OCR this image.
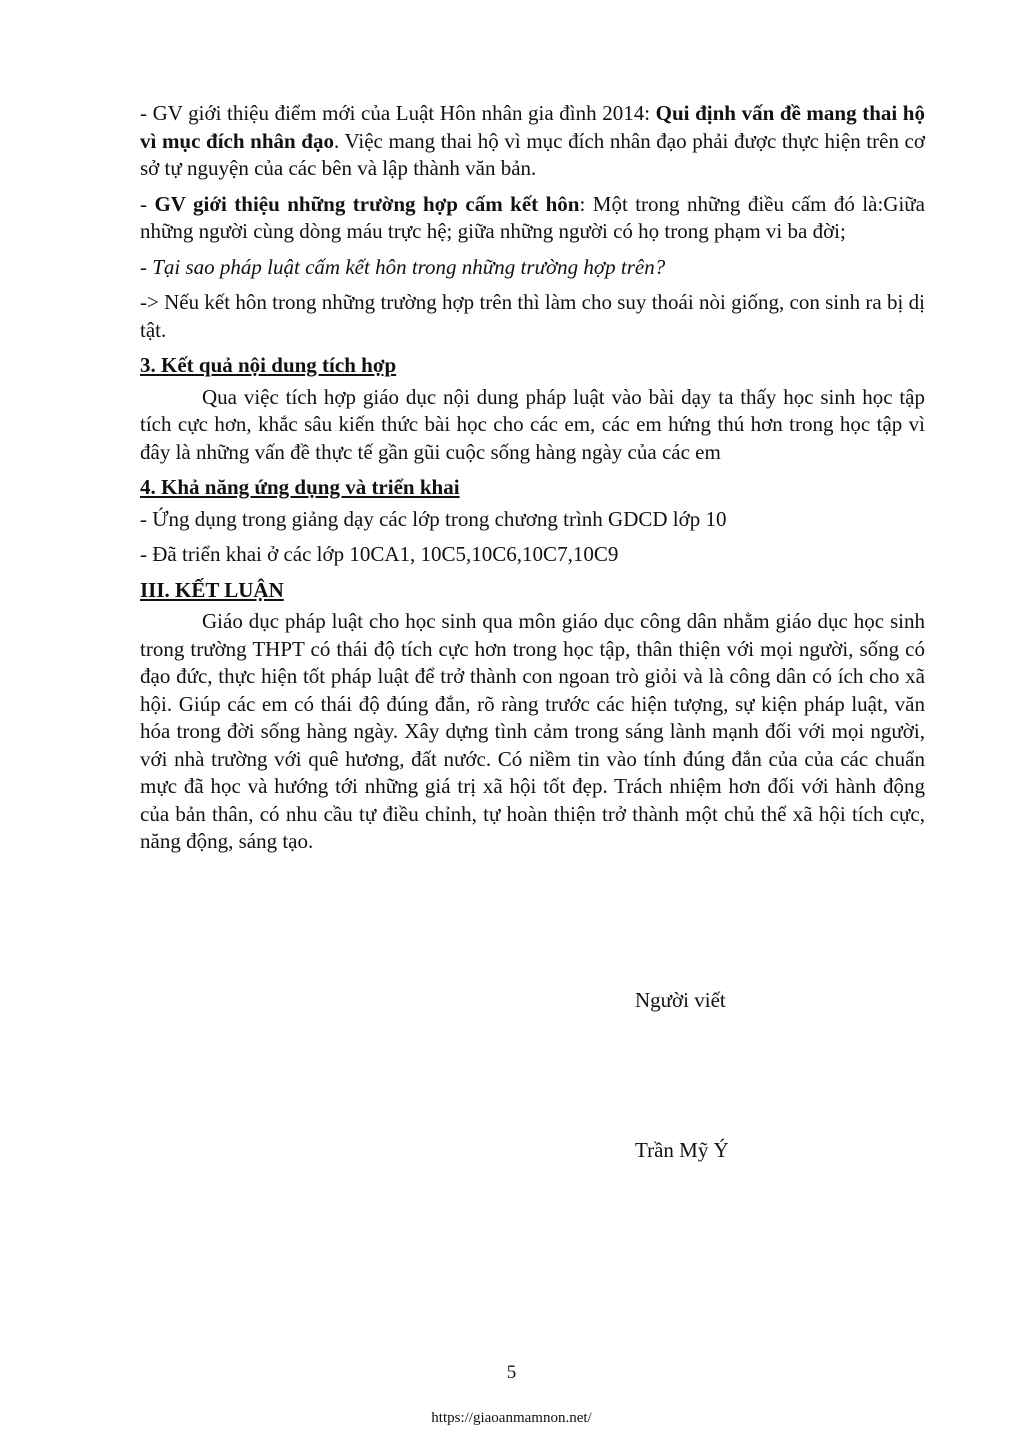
- GV giới thiệu điểm mới của Luật Hôn nhân gia đình 2014: Qui định vấn đề mang thai hộ vì mục đích nhân đạo. Việc mang thai hộ vì mục đích nhân đạo phải được thực hiện trên cơ sở tự nguyện của các bên và lập thành văn bản.

- GV giới thiệu những trường hợp cấm kết hôn: Một trong những điều cấm đó là:Giữa những người cùng dòng máu trực hệ; giữa những người có họ trong phạm vi ba đời;

- Tại sao pháp luật cấm kết hôn trong những trường hợp trên?

-> Nếu kết hôn trong những trường hợp trên thì làm cho suy thoái nòi giống, con sinh ra bị dị tật.

3. Kết quả nội dung tích hợp

Qua việc tích hợp giáo dục nội dung pháp luật vào bài dạy ta thấy học sinh học tập tích cực hơn, khắc sâu kiến thức bài học cho các em, các em hứng thú hơn trong học tập vì đây là những vấn đề thực tế gần gũi cuộc sống hàng ngày của các em

4. Khả năng ứng dụng và triển khai

- Ứng dụng trong giảng dạy các lớp trong chương trình GDCD lớp 10

- Đã triển khai ở các lớp 10CA1, 10C5,10C6,10C7,10C9

III. KẾT LUẬN

Giáo dục pháp luật cho học sinh qua môn giáo dục công dân nhằm giáo dục học sinh trong trường THPT có thái độ tích cực hơn trong học tập, thân thiện với mọi người, sống có đạo đức, thực hiện tốt pháp luật để trở thành con ngoan trò giỏi và là công dân có ích cho xã hội. Giúp các em có thái độ đúng đắn, rõ ràng trước các hiện tượng, sự kiện pháp luật, văn hóa trong đời sống hàng ngày. Xây dựng tình cảm trong sáng lành mạnh đối với mọi người, với nhà trường với quê hương, đất nước. Có niềm tin vào tính đúng đắn của của các chuẩn mực đã học và hướng tới những giá trị xã hội tốt đẹp. Trách nhiệm hơn đối với hành động của bản thân, có nhu cầu tự điều chỉnh, tự hoàn thiện trở thành một chủ thể xã hội tích cực, năng động, sáng tạo.

Người viết
Trần Mỹ Ý
5
https://giaoanmamnon.net/
